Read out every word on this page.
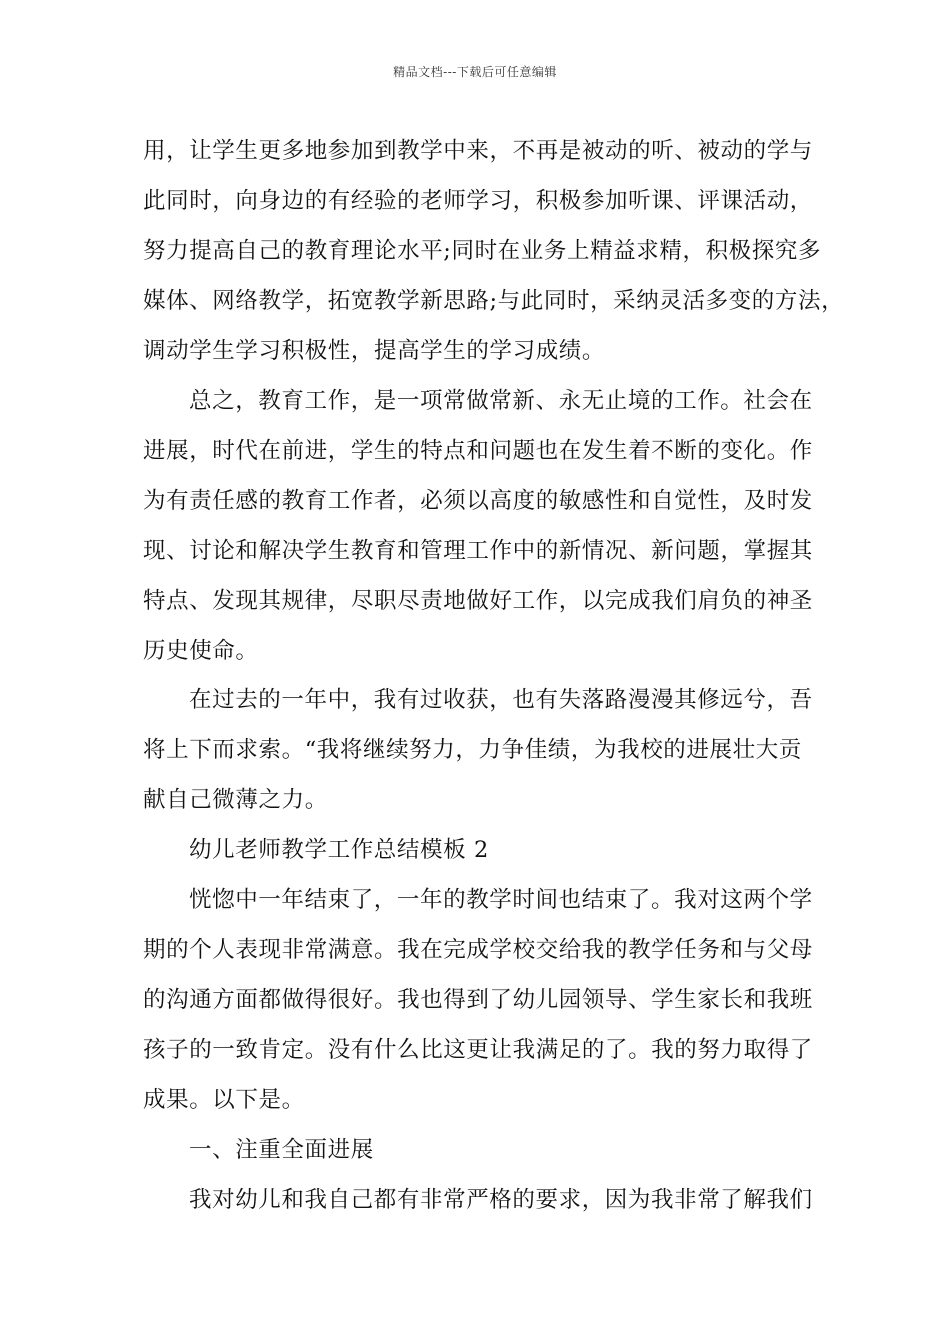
精品文档---下载后可任意编辑
用，让学生更多地参加到教学中来，不再是被动的听、被动的学与
此同时，向身边的有经验的老师学习，积极参加听课、评课活动，
努力提高自己的教育理论水平;同时在业务上精益求精，积极探究多
媒体、网络教学，拓宽教学新思路;与此同时，采纳灵活多变的方法，
调动学生学习积极性，提高学生的学习成绩。
总之，教育工作，是一项常做常新、永无止境的工作。社会在
进展，时代在前进，学生的特点和问题也在发生着不断的变化。作
为有责任感的教育工作者，必须以高度的敏感性和自觉性，及时发
现、讨论和解决学生教育和管理工作中的新情况、新问题，掌握其
特点、发现其规律，尽职尽责地做好工作，以完成我们肩负的神圣
历史使命。
在过去的一年中，我有过收获，也有失落路漫漫其修远兮，吾
将上下而求索。“我将继续努力，力争佳绩，为我校的进展壮大贡
献自己微薄之力。
幼儿老师教学工作总结模板 2
恍惚中一年结束了，一年的教学时间也结束了。我对这两个学
期的个人表现非常满意。我在完成学校交给我的教学任务和与父母
的沟通方面都做得很好。我也得到了幼儿园领导、学生家长和我班
孩子的一致肯定。没有什么比这更让我满足的了。我的努力取得了
成果。以下是。
一、注重全面进展
我对幼儿和我自己都有非常严格的要求，因为我非常了解我们
